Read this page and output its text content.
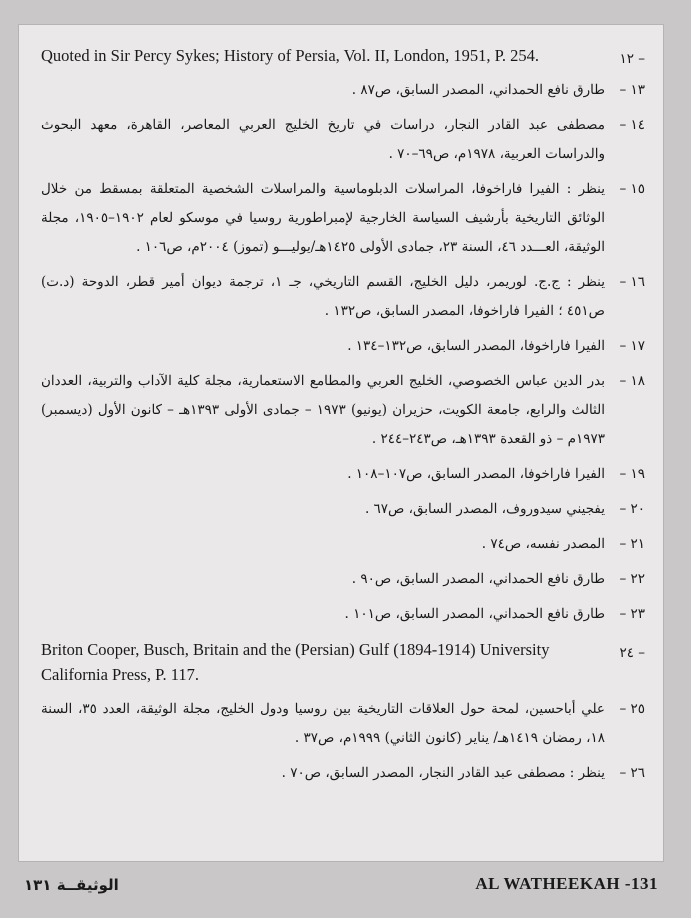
– ١٢
Quoted in Sir Percy Sykes; History of Persia, Vol. II, London, 1951, P. 254.
١٣ –
طارق نافع الحمداني، المصدر السابق، ص٨٧ .
١٤ –
مصطفى عبد القادر النجار، دراسات في تاريخ الخليج العربي المعاصر، القاهرة، معهد البحوث والدراسات العربية، ١٩٧٨م، ص٦٩–٧٠ .
١٥ –
ينظر : الفيرا فاراخوفا، المراسلات الدبلوماسية والمراسلات الشخصية المتعلقة بمسقط من خلال الوثائق التاريخية بأرشيف السياسة الخارجية لإمبراطورية روسيا في موسكو لعام ١٩٠٢–١٩٠٥، مجلة الوثيقة، العـــدد ٤٦، السنة ٢٣، جمادى الأولى ١٤٢٥هـ/يوليـــو (تموز) ٢٠٠٤م، ص١٠٦ .
١٦ –
ينظر : ج.ج. لوريمر، دليل الخليج، القسم التاريخي، جـ ١، ترجمة ديوان أمير قطر، الدوحة (د.ت) ص٤٥١ ؛ الفيرا فاراخوفا، المصدر السابق، ص١٣٢ .
١٧ –
الفيرا فاراخوفا، المصدر السابق، ص١٣٢–١٣٤ .
١٨ –
بدر الدين عباس الخصوصي، الخليج العربي والمطامع الاستعمارية، مجلة كلية الآداب والتربية، العددان الثالث والرابع، جامعة الكويت، حزيران (يونيو) ١٩٧٣ – جمادى الأولى ١٣٩٣هـ – كانون الأول (ديسمبر) ١٩٧٣م – ذو القعدة ١٣٩٣هـ، ص٢٤٣–٢٤٤ .
١٩ –
الفيرا فاراخوفا، المصدر السابق، ص١٠٧–١٠٨ .
٢٠ –
يفجيني سيدوروف، المصدر السابق، ص٦٧ .
٢١ –
المصدر نفسه، ص٧٤ .
٢٢ –
طارق نافع الحمداني، المصدر السابق، ص٩٠ .
٢٣ –
طارق نافع الحمداني، المصدر السابق، ص١٠١ .
– ٢٤
Briton Cooper, Busch, Britain and the (Persian) Gulf (1894-1914) University California Press, P. 117.
٢٥ –
علي أباحسين، لمحة حول العلاقات التاريخية بين روسيا ودول الخليج، مجلة الوثيقة، العدد ٣٥، السنة ١٨، رمضان ١٤١٩هـ/ يناير (كانون الثاني) ١٩٩٩م، ص٣٧ .
٢٦ –
ينظر : مصطفى عبد القادر النجار، المصدر السابق، ص٧٠ .
الوثيقــة ١٣١	AL WATHEEKAH -131
